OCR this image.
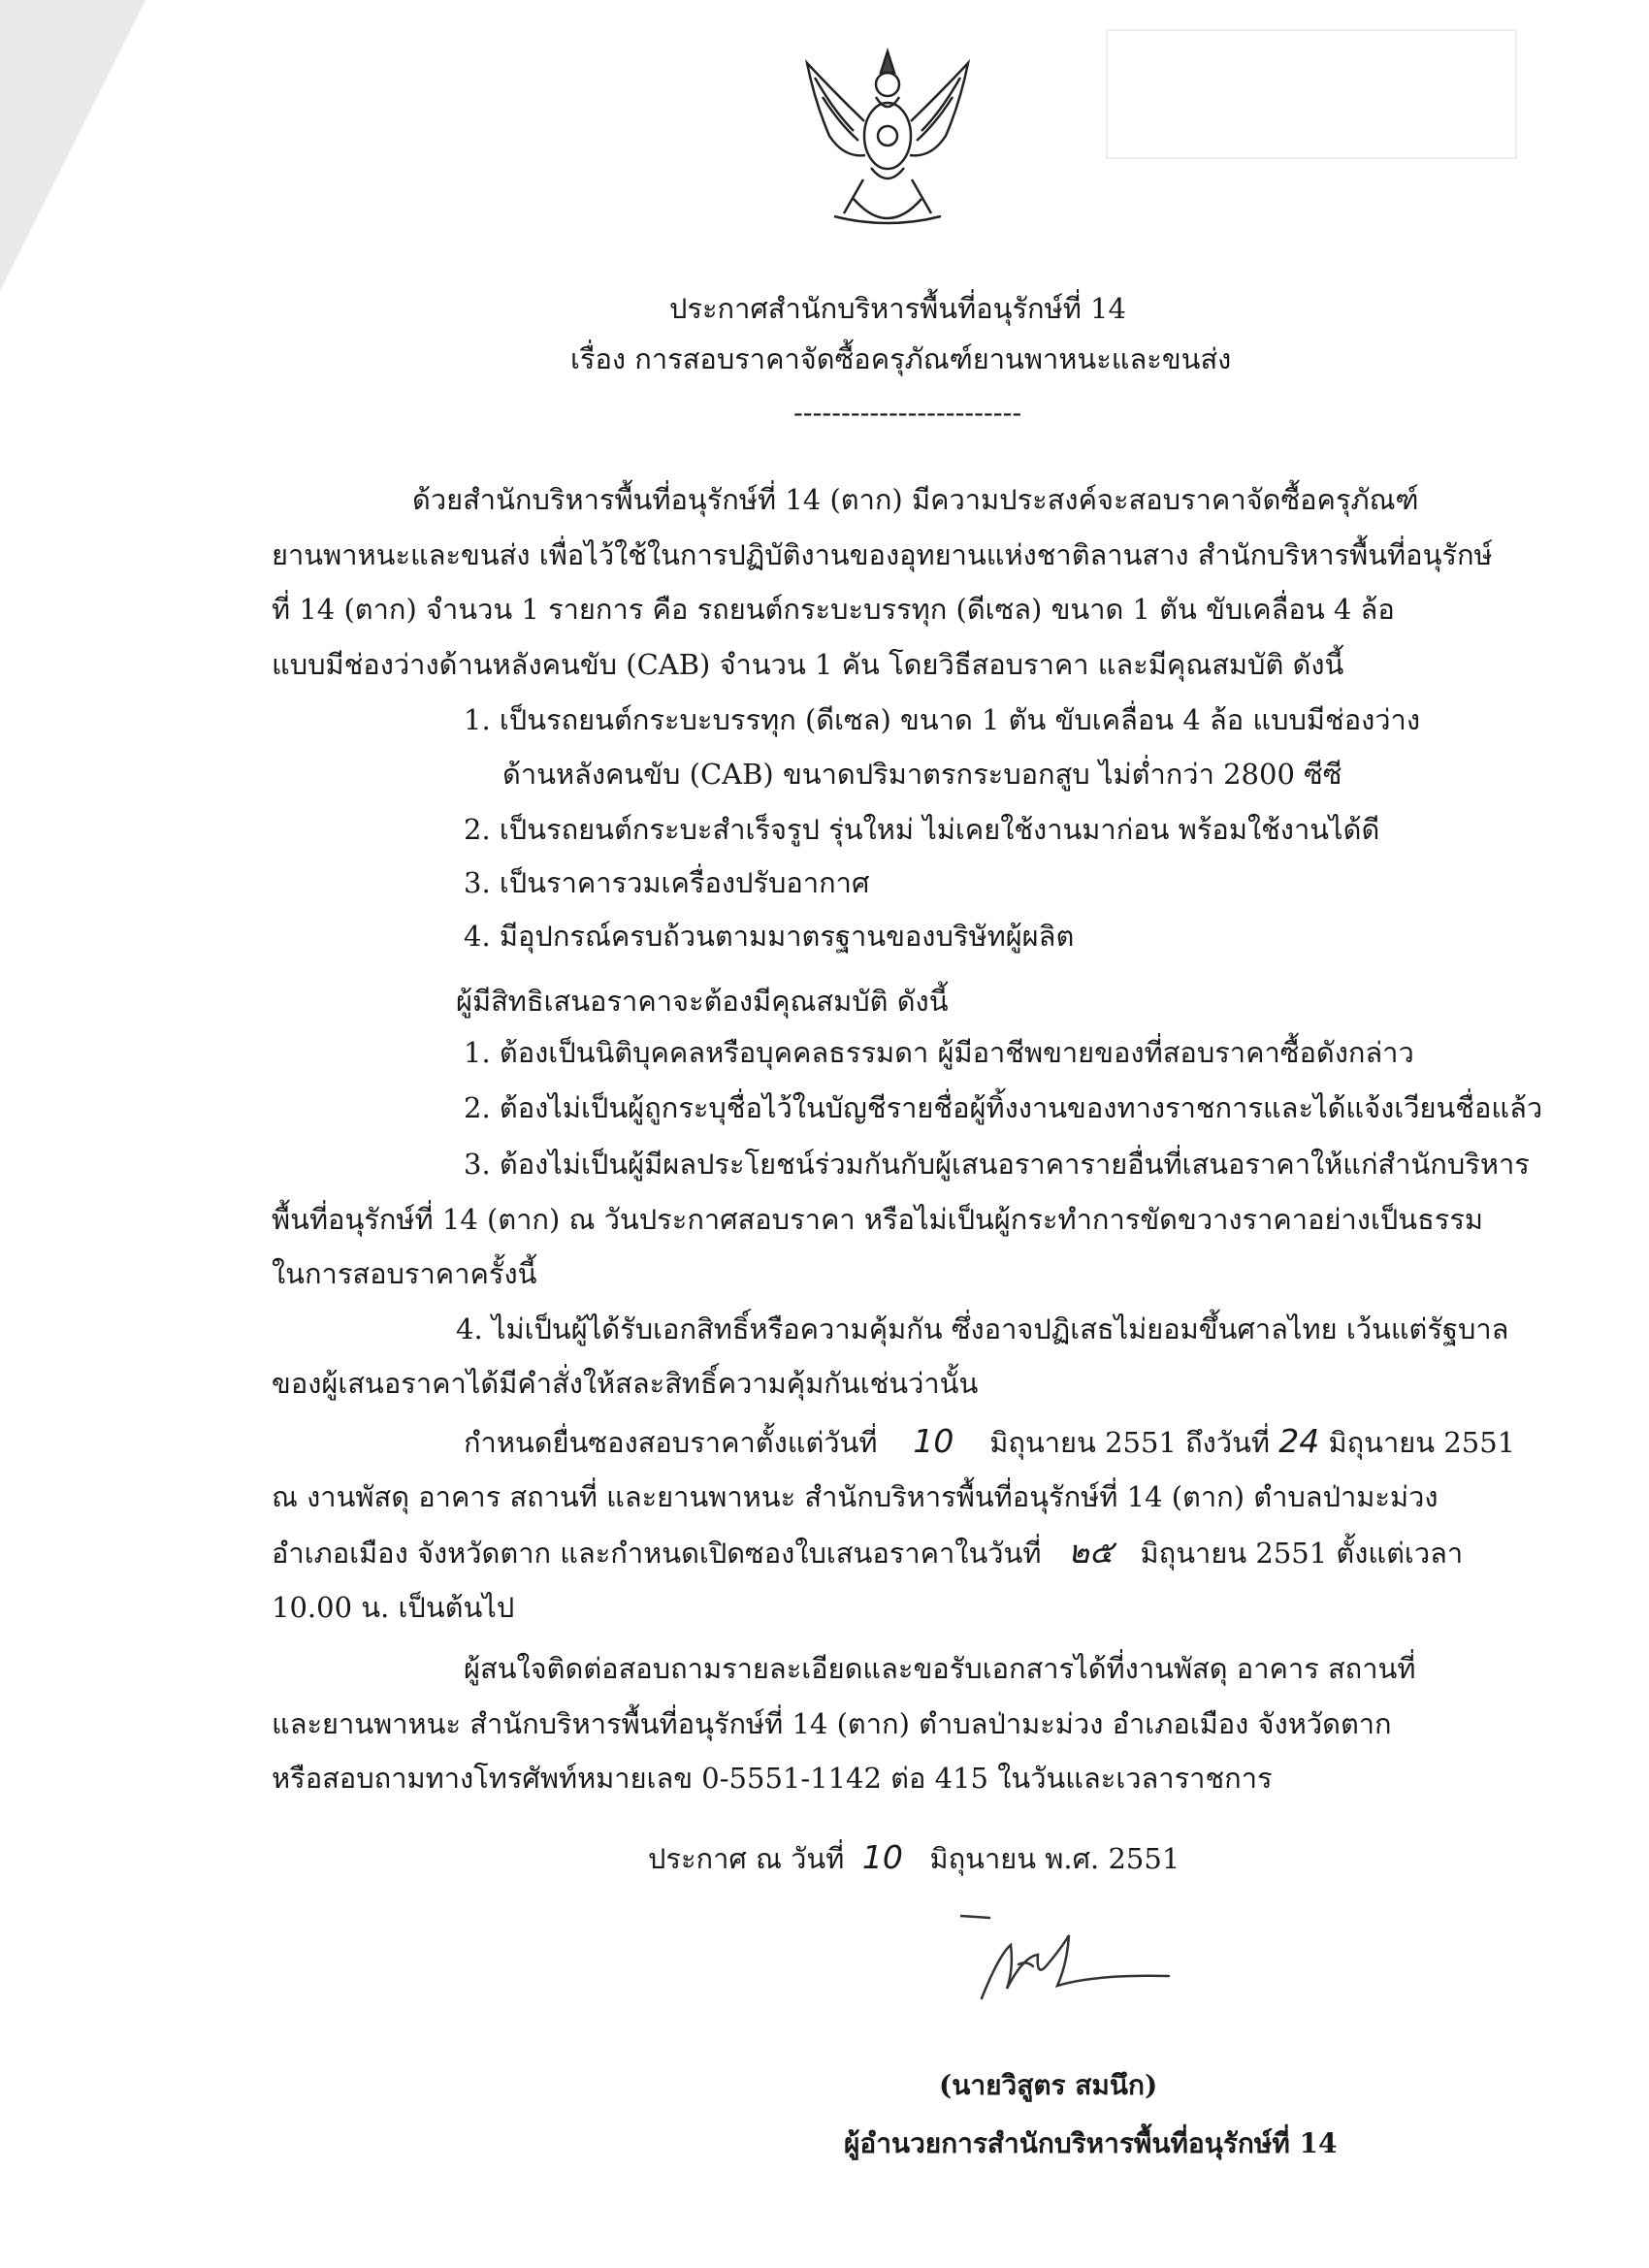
ประกาศสำนักบริหารพื้นที่อนุรักษ์ที่ 14
เรื่อง การสอบราคาจัดซื้อครุภัณฑ์ยานพาหนะและขนส่ง
------------------------
ด้วยสำนักบริหารพื้นที่อนุรักษ์ที่ 14 (ตาก) มีความประสงค์จะสอบราคาจัดซื้อครุภัณฑ์
ยานพาหนะและขนส่ง เพื่อไว้ใช้ในการปฏิบัติงานของอุทยานแห่งชาติลานสาง สำนักบริหารพื้นที่อนุรักษ์
ที่ 14 (ตาก) จำนวน 1 รายการ คือ รถยนต์กระบะบรรทุก (ดีเซล) ขนาด 1 ตัน ขับเคลื่อน 4 ล้อ
แบบมีช่องว่างด้านหลังคนขับ (CAB) จำนวน 1 คัน โดยวิธีสอบราคา และมีคุณสมบัติ ดังนี้
1. เป็นรถยนต์กระบะบรรทุก (ดีเซล) ขนาด 1 ตัน ขับเคลื่อน 4 ล้อ แบบมีช่องว่าง
ด้านหลังคนขับ (CAB) ขนาดปริมาตรกระบอกสูบ ไม่ต่ำกว่า 2800 ซีซี
2. เป็นรถยนต์กระบะสำเร็จรูป รุ่นใหม่ ไม่เคยใช้งานมาก่อน พร้อมใช้งานได้ดี
3. เป็นราคารวมเครื่องปรับอากาศ
4. มีอุปกรณ์ครบถ้วนตามมาตรฐานของบริษัทผู้ผลิต
ผู้มีสิทธิเสนอราคาจะต้องมีคุณสมบัติ ดังนี้
1. ต้องเป็นนิติบุคคลหรือบุคคลธรรมดา ผู้มีอาชีพขายของที่สอบราคาซื้อดังกล่าว
2. ต้องไม่เป็นผู้ถูกระบุชื่อไว้ในบัญชีรายชื่อผู้ทิ้งงานของทางราชการและได้แจ้งเวียนชื่อแล้ว
3. ต้องไม่เป็นผู้มีผลประโยชน์ร่วมกันกับผู้เสนอราคารายอื่นที่เสนอราคาให้แก่สำนักบริหาร
พื้นที่อนุรักษ์ที่ 14 (ตาก) ณ วันประกาศสอบราคา หรือไม่เป็นผู้กระทำการขัดขวางราคาอย่างเป็นธรรม
ในการสอบราคาครั้งนี้
4. ไม่เป็นผู้ได้รับเอกสิทธิ์หรือความคุ้มกัน ซึ่งอาจปฏิเสธไม่ยอมขึ้นศาลไทย เว้นแต่รัฐบาล
ของผู้เสนอราคาได้มีคำสั่งให้สละสิทธิ์ความคุ้มกันเช่นว่านั้น
กำหนดยื่นซองสอบราคาตั้งแต่วันที่ 10 มิถุนายน 2551 ถึงวันที่ 24 มิถุนายน 2551
ณ งานพัสดุ อาคาร สถานที่ และยานพาหนะ สำนักบริหารพื้นที่อนุรักษ์ที่ 14 (ตาก) ตำบลป่ามะม่วง
อำเภอเมือง จังหวัดตาก และกำหนดเปิดซองใบเสนอราคาในวันที่ ๒๕ มิถุนายน 2551 ตั้งแต่เวลา
10.00 น. เป็นต้นไป
ผู้สนใจติดต่อสอบถามรายละเอียดและขอรับเอกสารได้ที่งานพัสดุ อาคาร สถานที่
และยานพาหนะ สำนักบริหารพื้นที่อนุรักษ์ที่ 14 (ตาก) ตำบลป่ามะม่วง อำเภอเมือง จังหวัดตาก
หรือสอบถามทางโทรศัพท์หมายเลข 0-5551-1142 ต่อ 415 ในวันและเวลาราชการ
ประกาศ ณ วันที่ 10 มิถุนายน พ.ศ. 2551
(นายวิสูตร สมนึก)
ผู้อำนวยการสำนักบริหารพื้นที่อนุรักษ์ที่ 14
